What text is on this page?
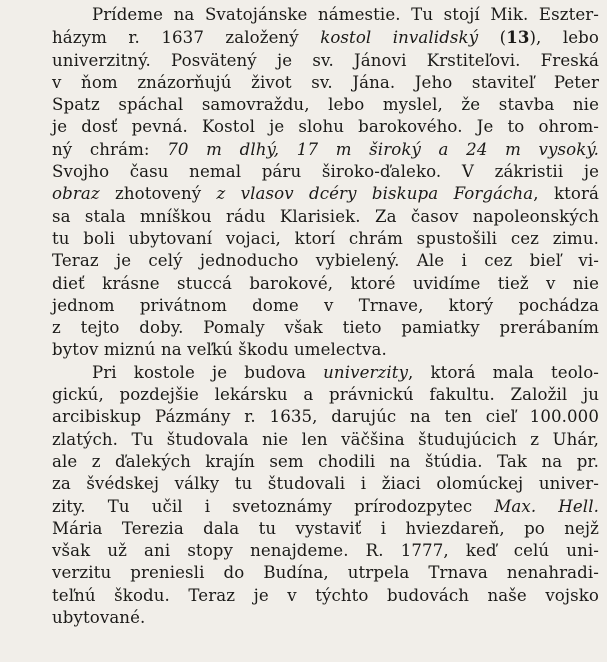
Prídeme na Svatojánske námestie. Tu stojí Mik. Eszter-
házym r. 1637 založený kostol invalidský (13), lebo
univerzitný. Posvätený je sv. Jánovi Krstiteľovi. Freská
v ňom znázorňujú život sv. Jána. Jeho staviteľ Peter
Spatz spáchal samovraždu, lebo myslel, že stavba nie
je dosť pevná. Kostol je slohu barokového. Je to ohrom-
ný chrám: 70 m dlhý, 17 m široký a 24 m vysoký.
Svojho času nemal páru široko-ďaleko. V zákristii je
obraz zhotovený z vlasov dcéry biskupa Forgácha, ktorá
sa stala mníškou rádu Klarisiek. Za časov napoleonských
tu boli ubytovaní vojaci, ktorí chrám spustošili cez zimu.
Teraz je celý jednoducho vybielený. Ale i cez bieľ vi-
dieť krásne stuccá barokové, ktoré uvidíme tiež v nie
jednom privátnom dome v Trnave, ktorý pochádza
z tejto doby. Pomaly však tieto pamiatky prerábaním
bytov miznú na veľkú škodu umelectva.
Pri kostole je budova univerzity, ktorá mala teolo-
gickú, pozdejšie lekársku a právnickú fakultu. Založil ju
arcibiskup Pázmány r. 1635, darujúc na ten cieľ 100.000
zlatých. Tu študovala nie len väčšina študujúcich z Uhár,
ale z ďalekých krajín sem chodili na štúdia. Tak na pr.
za švédskej války tu študovali i žiaci olomúckej univer-
zity. Tu učil i svetoznámy prírodozpytec Max. Hell.
Mária Terezia dala tu vystaviť i hviezdareň, po nejž
však už ani stopy nenajdeme. R. 1777, keď celú uni-
verzitu preniesli do Budína, utrpela Trnava nenahradi-
teľnú škodu. Teraz je v týchto budovách naše vojsko
ubytované.
